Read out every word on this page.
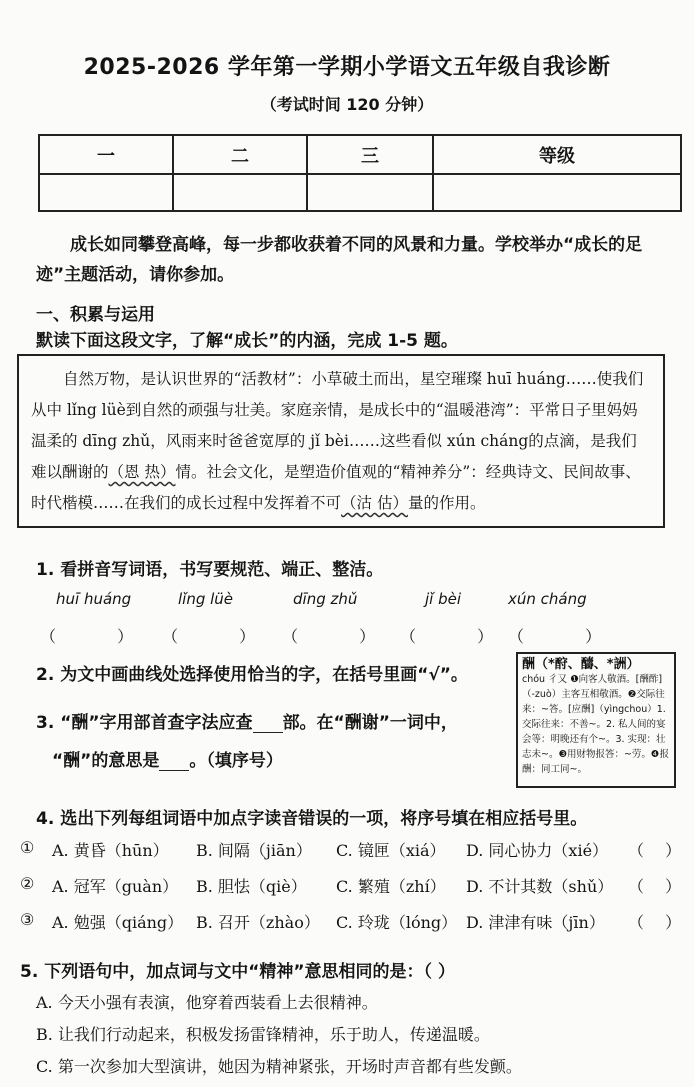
2025-2026 学年第一学期小学语文五年级自我诊断
（考试时间 120 分钟）
一	二	三	等级

成长如同攀登高峰，每一步都收获着不同的风景和力量。学校举办“成长的足迹”主题活动，请你参加。
一、积累与运用
默读下面这段文字，了解“成长”的内涵，完成 1-5 题。

自然万物，是认识世界的“活教材”：小草破土而出，星空璀璨 huī huáng……使我们从中 lǐng lüè到自然的顽强与壮美。家庭亲情，是成长中的“温暖港湾”：平常日子里妈妈温柔的 dīng zhǔ，风雨来时爸爸宽厚的 jǐ bèi……这些看似 xún cháng的点滴，是我们难以酬谢的（恩 热）情。社会文化，是塑造价值观的“精神养分”：经典诗文、民间故事、时代楷模……在我们的成长过程中发挥着不可（沽 估）量的作用。

1. 看拼音写词语，书写要规范、端正、整洁。
huī huáng	lǐng lüè	dīng zhǔ	jǐ bèi	xún cháng
（ ） （ ） （ ） （ ） （ ）
2. 为文中画曲线处选择使用恰当的字，在括号里画“√”。
3. “酬”字用部首查字法应查 部。在“酬谢”一词中，
“酬”的意思是 。（填序号）
酬（*酧、醻、*詶）
chóu 彳又 ❶向客人敬酒。[酬酢]（-zuò）主客互相敬酒。❷交际往来：~答。[应酬]（yìngchou）1. 交际往来：不善~。2. 私人间的宴会等：明晚还有个~。3. 实现：壮志未~。❸用财物报答：~劳。❹报酬：同工同~。
4. 选出下列每组词语中加点字读音错误的一项，将序号填在相应括号里。
① A. 黄昏（hūn） B. 间隔（jiān） C. 镜匣（xiá） D. 同心协力（xié） （ ）
② A. 冠军（guàn） B. 胆怯（qiè） C. 繁殖（zhí） D. 不计其数（shǔ） （ ）
③ A. 勉强（qiáng） B. 召开（zhào） C. 玲珑（lóng） D. 津津有味（jīn） （ ）
5. 下列语句中，加点词与文中“精神”意思相同的是：（ ）
A. 今天小强有表演，他穿着西装看上去很精神。
B. 让我们行动起来，积极发扬雷锋精神，乐于助人，传递温暖。
C. 第一次参加大型演讲，她因为精神紧张，开场时声音都有些发颤。
